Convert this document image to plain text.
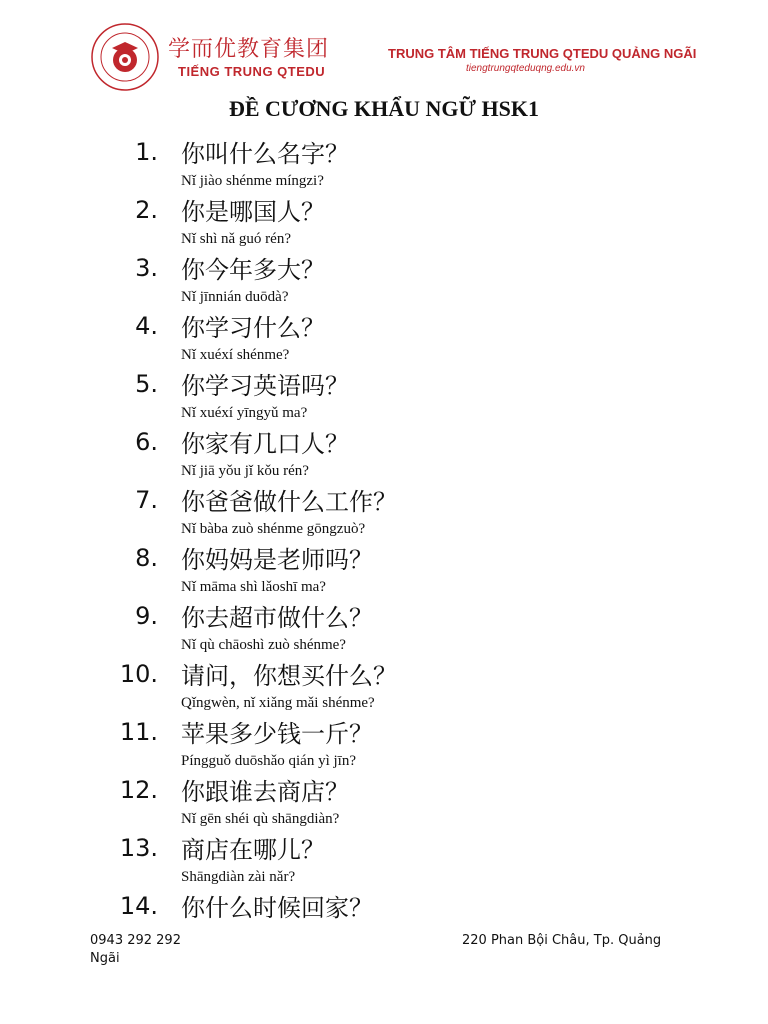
学而优教育集团
TIẾNG TRUNG QTEDU
TRUNG TÂM TIẾNG TRUNG QTEDU QUẢNG NGÃI
tiengtrungqteduqng.edu.vn
ĐỀ CƯƠNG KHẨU NGỮ HSK1
1. 你叫什么名字？
Nǐ jiào shénme míngzi?
2. 你是哪国人？
Nǐ shì nǎ guó rén?
3. 你今年多大？
Nǐ jīnnián duōdà?
4. 你学习什么？
Nǐ xuéxí shénme?
5. 你学习英语吗？
Nǐ xuéxí yīngyǔ ma?
6. 你家有几口人？
Nǐ jiā yǒu jǐ kǒu rén?
7. 你爸爸做什么工作？
Nǐ bàba zuò shénme gōngzuò?
8. 你妈妈是老师吗？
Nǐ māma shì lǎoshī ma?
9. 你去超市做什么？
Nǐ qù chāoshì zuò shénme?
10. 请问，你想买什么？
Qǐngwèn, nǐ xiǎng mǎi shénme?
11. 苹果多少钱一斤？
Píngguǒ duōshǎo qián yì jīn?
12. 你跟谁去商店？
Nǐ gēn shéi qù shāngdiàn?
13. 商店在哪儿？
Shāngdiàn zài nǎr?
14. 你什么时候回家？
0943 292 292	220 Phan Bội Châu, Tp. Quảng
Ngãi
